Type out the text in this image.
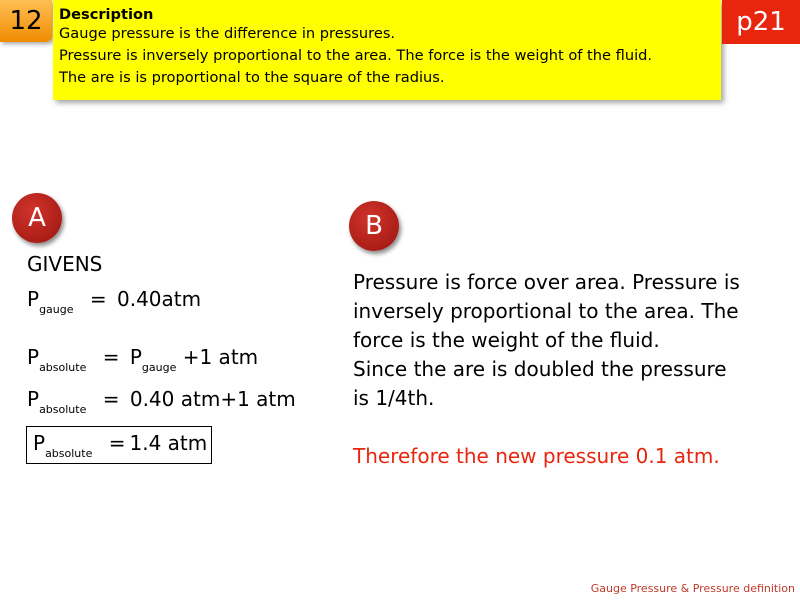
12 Description
Gauge pressure is the difference in pressures.
Pressure is inversely proportional to the area. The force is the weight of the fluid.
The are is is proportional to the square of the radius.
p21
A
GIVENS
$P_{gauge} = 0.40atm$
$P_{absolute} = P_{gauge} +1$ atm
$P_{absolute} = 0.40$ atm+1 atm
$P_{absolute} = 1.4$ atm
B
Pressure is force over area. Pressure is
inversely proportional to the area. The
force is the weight of the fluid.
Since the are is doubled the pressure
is 1/4th.
Therefore the new pressure 0.1 atm.
Gauge Pressure & Pressure definition
